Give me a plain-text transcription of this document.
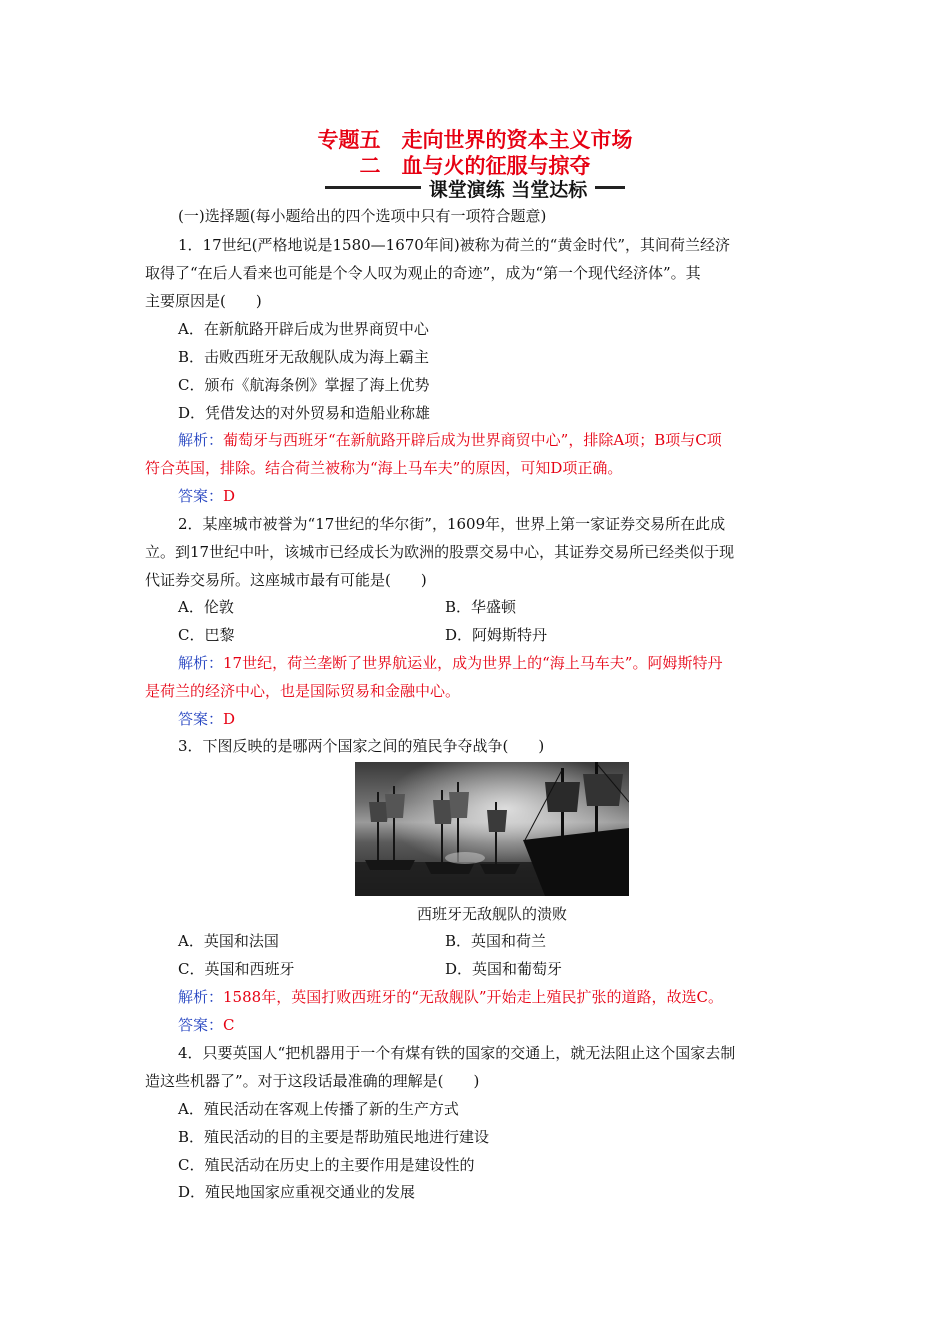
专题五　走向世界的资本主义市场
二　血与火的征服与掠夺
课堂演练 当堂达标
(一)选择题(每小题给出的四个选项中只有一项符合题意)
1．17世纪(严格地说是1580—1670年间)被称为荷兰的“黄金时代”，其间荷兰经济
取得了“在后人看来也可能是个令人叹为观止的奇迹”，成为“第一个现代经济体”。其
主要原因是(　　)
A．在新航路开辟后成为世界商贸中心
B．击败西班牙无敌舰队成为海上霸主
C．颁布《航海条例》掌握了海上优势
D．凭借发达的对外贸易和造船业称雄
解析：葡萄牙与西班牙“在新航路开辟后成为世界商贸中心”，排除A项；B项与C项
符合英国，排除。结合荷兰被称为“海上马车夫”的原因，可知D项正确。
答案：D
2．某座城市被誉为“17世纪的华尔街”，1609年，世界上第一家证券交易所在此成
立。到17世纪中叶，该城市已经成长为欧洲的股票交易中心，其证券交易所已经类似于现
代证券交易所。这座城市最有可能是(　　)
A．伦敦	B．华盛顿
C．巴黎	D．阿姆斯特丹
解析：17世纪，荷兰垄断了世界航运业，成为世界上的“海上马车夫”。阿姆斯特丹
是荷兰的经济中心，也是国际贸易和金融中心。
答案：D
3．下图反映的是哪两个国家之间的殖民争夺战争(　　)
西班牙无敌舰队的溃败
A．英国和法国	B．英国和荷兰
C．英国和西班牙	D．英国和葡萄牙
解析：1588年，英国打败西班牙的“无敌舰队”开始走上殖民扩张的道路，故选C。
答案：C
4．只要英国人“把机器用于一个有煤有铁的国家的交通上，就无法阻止这个国家去制
造这些机器了”。对于这段话最准确的理解是(　　)
A．殖民活动在客观上传播了新的生产方式
B．殖民活动的目的主要是帮助殖民地进行建设
C．殖民活动在历史上的主要作用是建设性的
D．殖民地国家应重视交通业的发展
